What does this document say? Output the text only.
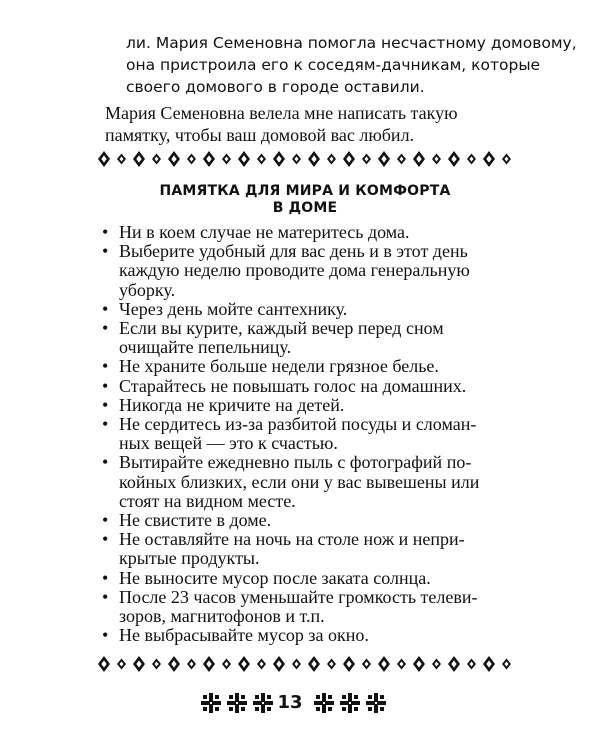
ли. Мария Семеновна помогла несчастному домовому,
она пристроила его к соседям-дачникам, которые
своего домового в городе оставили.
Мария Семеновна велела мне написать такую
памятку, чтобы ваш домовой вас любил.
ПАМЯТКА ДЛЯ МИРА И КОМФОРТА
В ДОМЕ
• Ни в коем случае не материтесь дома.
• Выберите удобный для вас день и в этот день
каждую неделю проводите дома генеральную
уборку.
• Через день мойте сантехнику.
• Если вы курите, каждый вечер перед сном
очищайте пепельницу.
• Не храните больше недели грязное белье.
• Старайтесь не повышать голос на домашних.
• Никогда не кричите на детей.
• Не сердитесь из-за разбитой посуды и сломан-
ных вещей — это к счастью.
• Вытирайте ежедневно пыль с фотографий по-
койных близких, если они у вас вывешены или
стоят на видном месте.
• Не свистите в доме.
• Не оставляйте на ночь на столе нож и непри-
крытые продукты.
• Не выносите мусор после заката солнца.
• После 23 часов уменьшайте громкость телеви-
зоров, магнитофонов и т.п.
• Не выбрасывайте мусор за окно.
13
